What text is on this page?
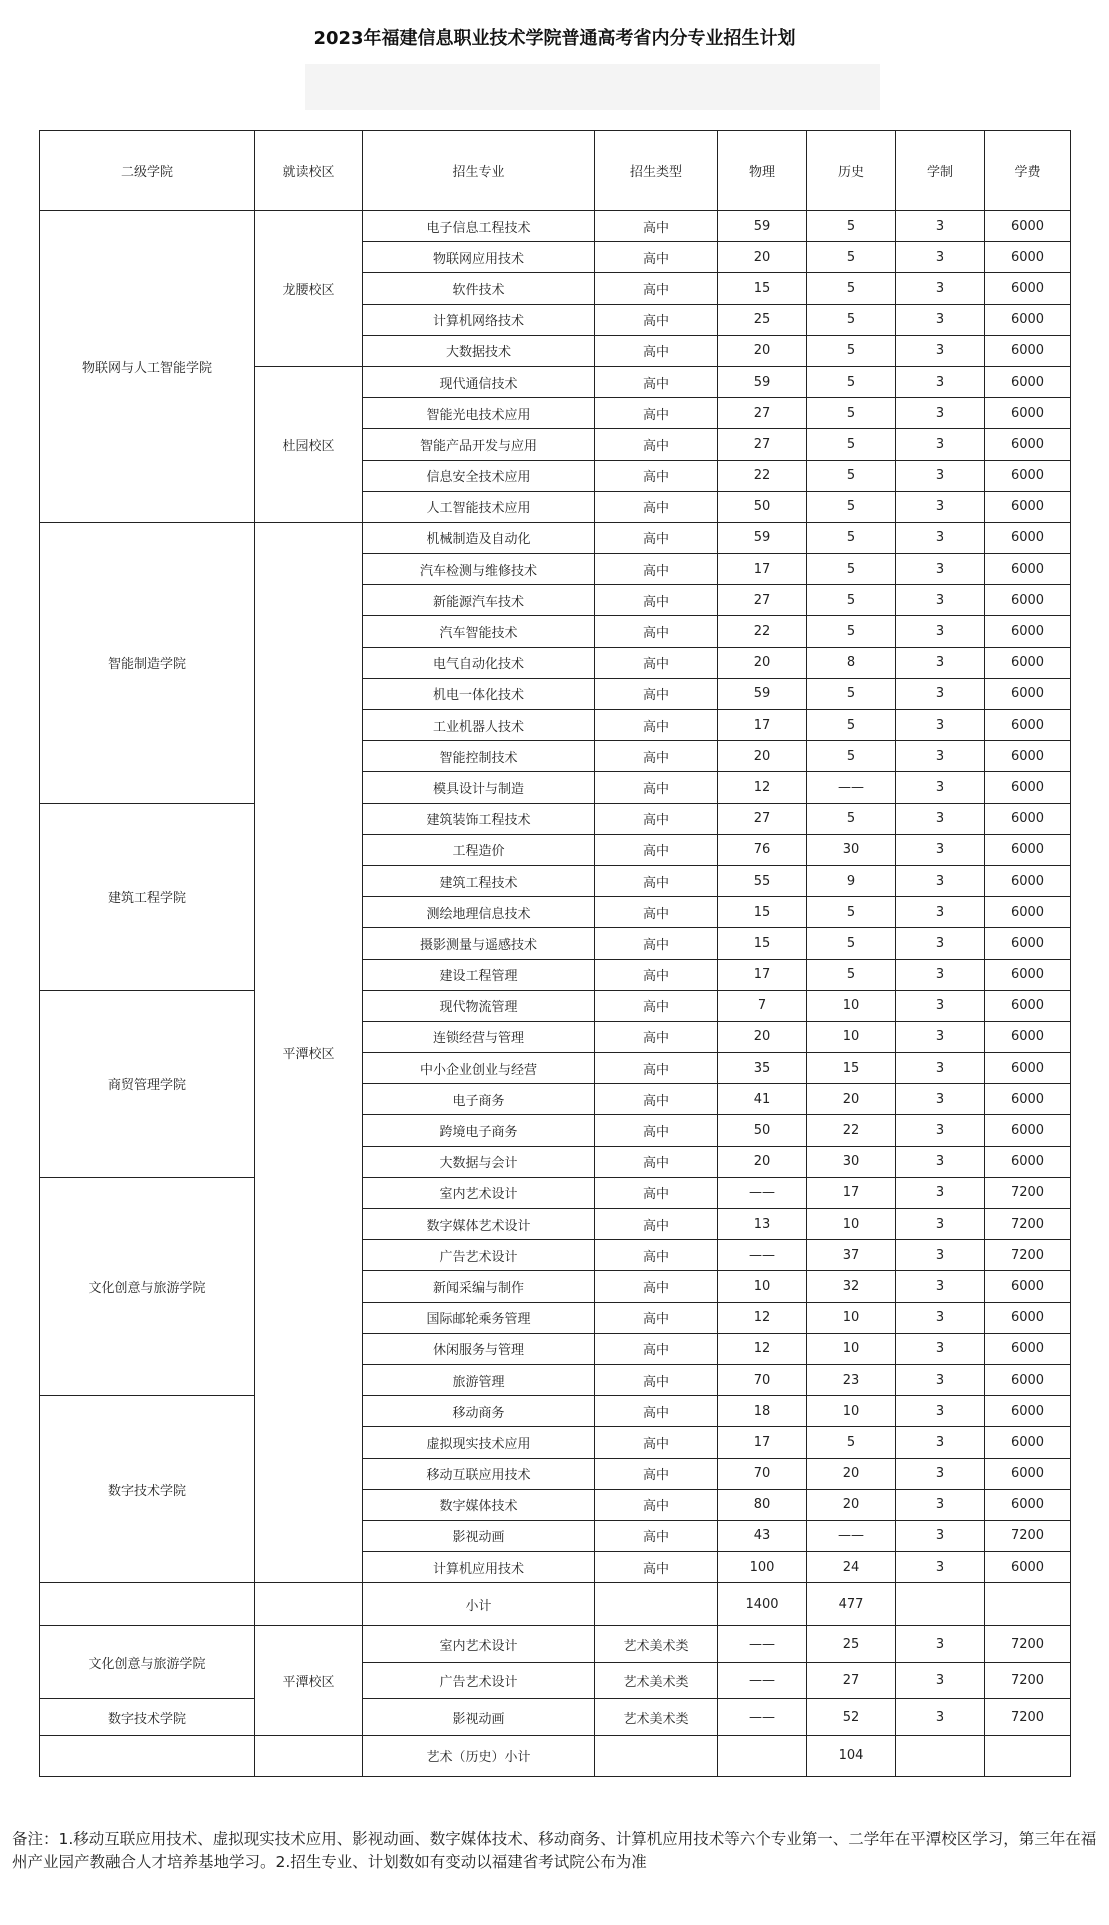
2023年福建信息职业技术学院普通高考省内分专业招生计划
二级学院	就读校区	招生专业	招生类型	物理	历史	学制	学费
物联网与人工智能学院	龙腰校区	电子信息工程技术	高中	59	5	3	6000
		物联网应用技术	高中	20	5	3	6000
		软件技术	高中	15	5	3	6000
		计算机网络技术	高中	25	5	3	6000
		大数据技术	高中	20	5	3	6000
	杜园校区	现代通信技术	高中	59	5	3	6000
		智能光电技术应用	高中	27	5	3	6000
		智能产品开发与应用	高中	27	5	3	6000
		信息安全技术应用	高中	22	5	3	6000
		人工智能技术应用	高中	50	5	3	6000
智能制造学院	平潭校区	机械制造及自动化	高中	59	5	3	6000
		汽车检测与维修技术	高中	17	5	3	6000
		新能源汽车技术	高中	27	5	3	6000
		汽车智能技术	高中	22	5	3	6000
		电气自动化技术	高中	20	8	3	6000
		机电一体化技术	高中	59	5	3	6000
		工业机器人技术	高中	17	5	3	6000
		智能控制技术	高中	20	5	3	6000
		模具设计与制造	高中	12	——	3	6000
建筑工程学院		建筑装饰工程技术	高中	27	5	3	6000
		工程造价	高中	76	30	3	6000
		建筑工程技术	高中	55	9	3	6000
		测绘地理信息技术	高中	15	5	3	6000
		摄影测量与遥感技术	高中	15	5	3	6000
		建设工程管理	高中	17	5	3	6000
商贸管理学院		现代物流管理	高中	7	10	3	6000
		连锁经营与管理	高中	20	10	3	6000
		中小企业创业与经营	高中	35	15	3	6000
		电子商务	高中	41	20	3	6000
		跨境电子商务	高中	50	22	3	6000
		大数据与会计	高中	20	30	3	6000
文化创意与旅游学院		室内艺术设计	高中	——	17	3	7200
		数字媒体艺术设计	高中	13	10	3	7200
		广告艺术设计	高中	——	37	3	7200
		新闻采编与制作	高中	10	32	3	6000
		国际邮轮乘务管理	高中	12	10	3	6000
		休闲服务与管理	高中	12	10	3	6000
		旅游管理	高中	70	23	3	6000
数字技术学院		移动商务	高中	18	10	3	6000
		虚拟现实技术应用	高中	17	5	3	6000
		移动互联应用技术	高中	70	20	3	6000
		数字媒体技术	高中	80	20	3	6000
		影视动画	高中	43	——	3	7200
		计算机应用技术	高中	100	24	3	6000
		小计		1400	477		
文化创意与旅游学院	平潭校区	室内艺术设计	艺术美术类	——	25	3	7200
		广告艺术设计	艺术美术类	——	27	3	7200
数字技术学院		影视动画	艺术美术类	——	52	3	7200
		艺术（历史）小计			104		
备注：1.移动互联应用技术、虚拟现实技术应用、影视动画、数字媒体技术、移动商务、计算机应用技术等六个专业第一、二学年在平潭校区学习，第三年在福州产业园产教融合人才培养基地学习。2.招生专业、计划数如有变动以福建省考试院公布为准
